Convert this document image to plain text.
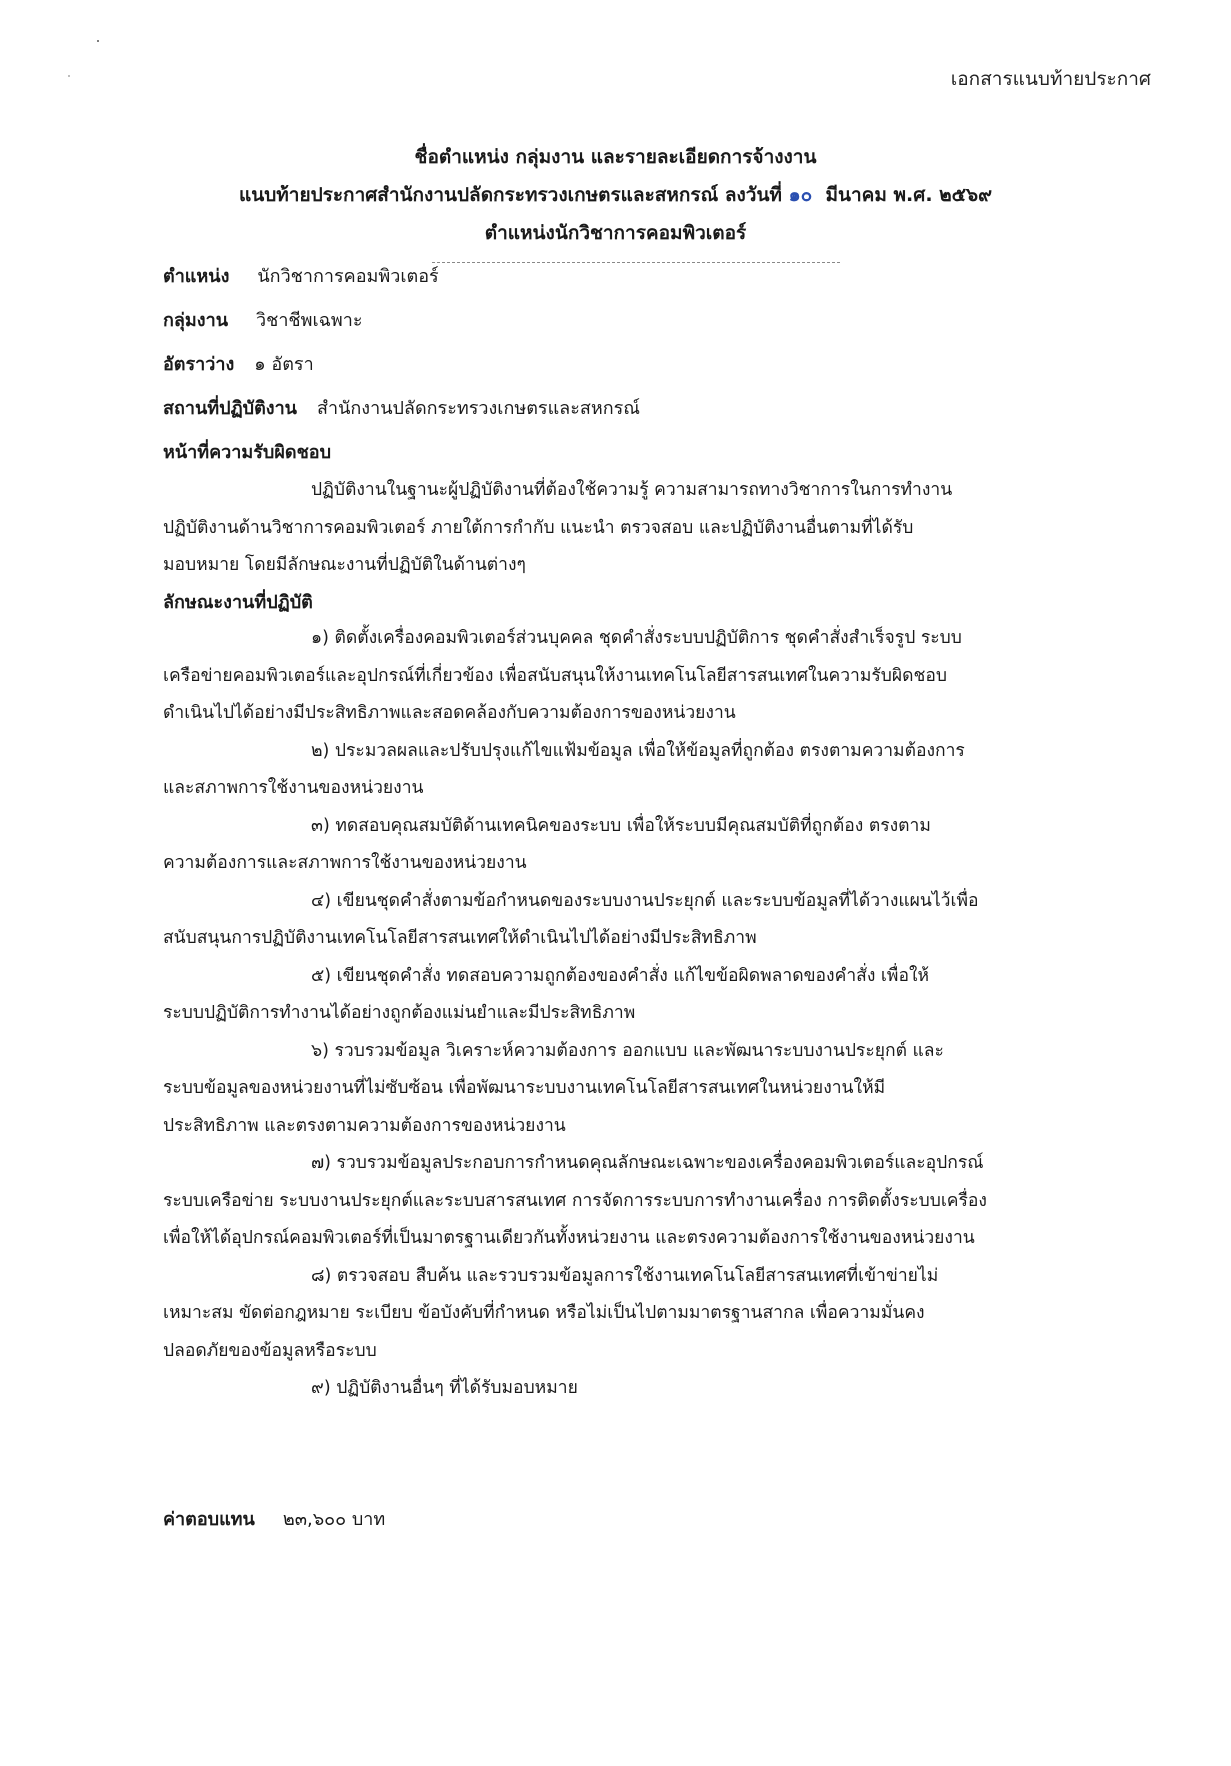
เอกสารแนบท้ายประกาศ
ชื่อตำแหน่ง กลุ่มงาน และรายละเอียดการจ้างงาน
แนบท้ายประกาศสำนักงานปลัดกระทรวงเกษตรและสหกรณ์ ลงวันที่ ๑๐  มีนาคม พ.ศ. ๒๕๖๙
ตำแหน่งนักวิชาการคอมพิวเตอร์
ตำแหน่ง นักวิชาการคอมพิวเตอร์
กลุ่มงาน วิชาชีพเฉพาะ
อัตราว่าง ๑ อัตรา
สถานที่ปฏิบัติงาน สำนักงานปลัดกระทรวงเกษตรและสหกรณ์
หน้าที่ความรับผิดชอบ
ปฏิบัติงานในฐานะผู้ปฏิบัติงานที่ต้องใช้ความรู้ ความสามารถทางวิชาการในการทำงาน
ปฏิบัติงานด้านวิชาการคอมพิวเตอร์ ภายใต้การกำกับ แนะนำ ตรวจสอบ และปฏิบัติงานอื่นตามที่ได้รับ
มอบหมาย โดยมีลักษณะงานที่ปฏิบัติในด้านต่างๆ
ลักษณะงานที่ปฏิบัติ
๑) ติดตั้งเครื่องคอมพิวเตอร์ส่วนบุคคล ชุดคำสั่งระบบปฏิบัติการ ชุดคำสั่งสำเร็จรูป ระบบ
เครือข่ายคอมพิวเตอร์และอุปกรณ์ที่เกี่ยวข้อง เพื่อสนับสนุนให้งานเทคโนโลยีสารสนเทศในความรับผิดชอบ
ดำเนินไปได้อย่างมีประสิทธิภาพและสอดคล้องกับความต้องการของหน่วยงาน
๒) ประมวลผลและปรับปรุงแก้ไขแฟ้มข้อมูล เพื่อให้ข้อมูลที่ถูกต้อง ตรงตามความต้องการ
และสภาพการใช้งานของหน่วยงาน
๓) ทดสอบคุณสมบัติด้านเทคนิคของระบบ เพื่อให้ระบบมีคุณสมบัติที่ถูกต้อง ตรงตาม
ความต้องการและสภาพการใช้งานของหน่วยงาน
๔) เขียนชุดคำสั่งตามข้อกำหนดของระบบงานประยุกต์ และระบบข้อมูลที่ได้วางแผนไว้เพื่อ
สนับสนุนการปฏิบัติงานเทคโนโลยีสารสนเทศให้ดำเนินไปได้อย่างมีประสิทธิภาพ
๕) เขียนชุดคำสั่ง ทดสอบความถูกต้องของคำสั่ง แก้ไขข้อผิดพลาดของคำสั่ง เพื่อให้
ระบบปฏิบัติการทำงานได้อย่างถูกต้องแม่นยำและมีประสิทธิภาพ
๖) รวบรวมข้อมูล วิเคราะห์ความต้องการ ออกแบบ และพัฒนาระบบงานประยุกต์ และ
ระบบข้อมูลของหน่วยงานที่ไม่ซับซ้อน เพื่อพัฒนาระบบงานเทคโนโลยีสารสนเทศในหน่วยงานให้มี
ประสิทธิภาพ และตรงตามความต้องการของหน่วยงาน
๗) รวบรวมข้อมูลประกอบการกำหนดคุณลักษณะเฉพาะของเครื่องคอมพิวเตอร์และอุปกรณ์
ระบบเครือข่าย ระบบงานประยุกต์และระบบสารสนเทศ การจัดการระบบการทำงานเครื่อง การติดตั้งระบบเครื่อง
เพื่อให้ได้อุปกรณ์คอมพิวเตอร์ที่เป็นมาตรฐานเดียวกันทั้งหน่วยงาน และตรงความต้องการใช้งานของหน่วยงาน
๘) ตรวจสอบ สืบค้น และรวบรวมข้อมูลการใช้งานเทคโนโลยีสารสนเทศที่เข้าข่ายไม่
เหมาะสม ขัดต่อกฎหมาย ระเบียบ ข้อบังคับที่กำหนด หรือไม่เป็นไปตามมาตรฐานสากล เพื่อความมั่นคง
ปลอดภัยของข้อมูลหรือระบบ
๙) ปฏิบัติงานอื่นๆ ที่ได้รับมอบหมาย
ค่าตอบแทน ๒๓,๖๐๐ บาท
